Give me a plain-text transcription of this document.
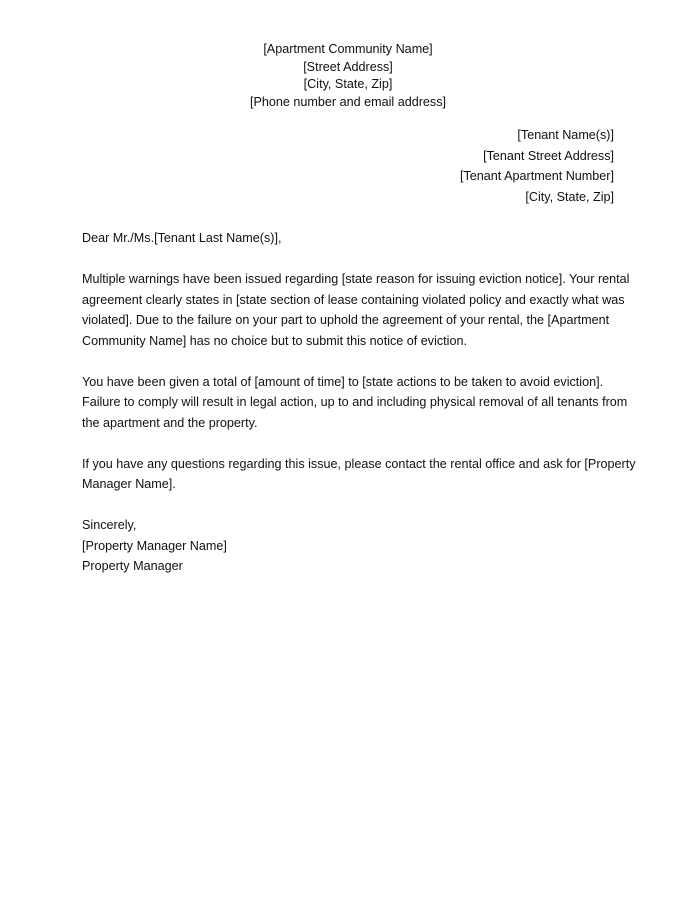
[Apartment Community Name]
[Street Address]
[City, State, Zip]
[Phone number and email address]
[Tenant Name(s)]
[Tenant Street Address]
[Tenant Apartment Number]
[City, State, Zip]
Dear Mr./Ms.[Tenant Last Name(s)],
Multiple warnings have been issued regarding [state reason for issuing eviction notice]. Your rental
agreement clearly states in [state section of lease containing violated policy and exactly what was
violated]. Due to the failure on your part to uphold the agreement of your rental, the [Apartment
Community Name] has no choice but to submit this notice of eviction.
You have been given a total of [amount of time] to [state actions to be taken to avoid eviction].
Failure to comply will result in legal action, up to and including physical removal of all tenants from
the apartment and the property.
If you have any questions regarding this issue, please contact the rental office and ask for [Property
Manager Name].
Sincerely,
[Property Manager Name]
Property Manager
